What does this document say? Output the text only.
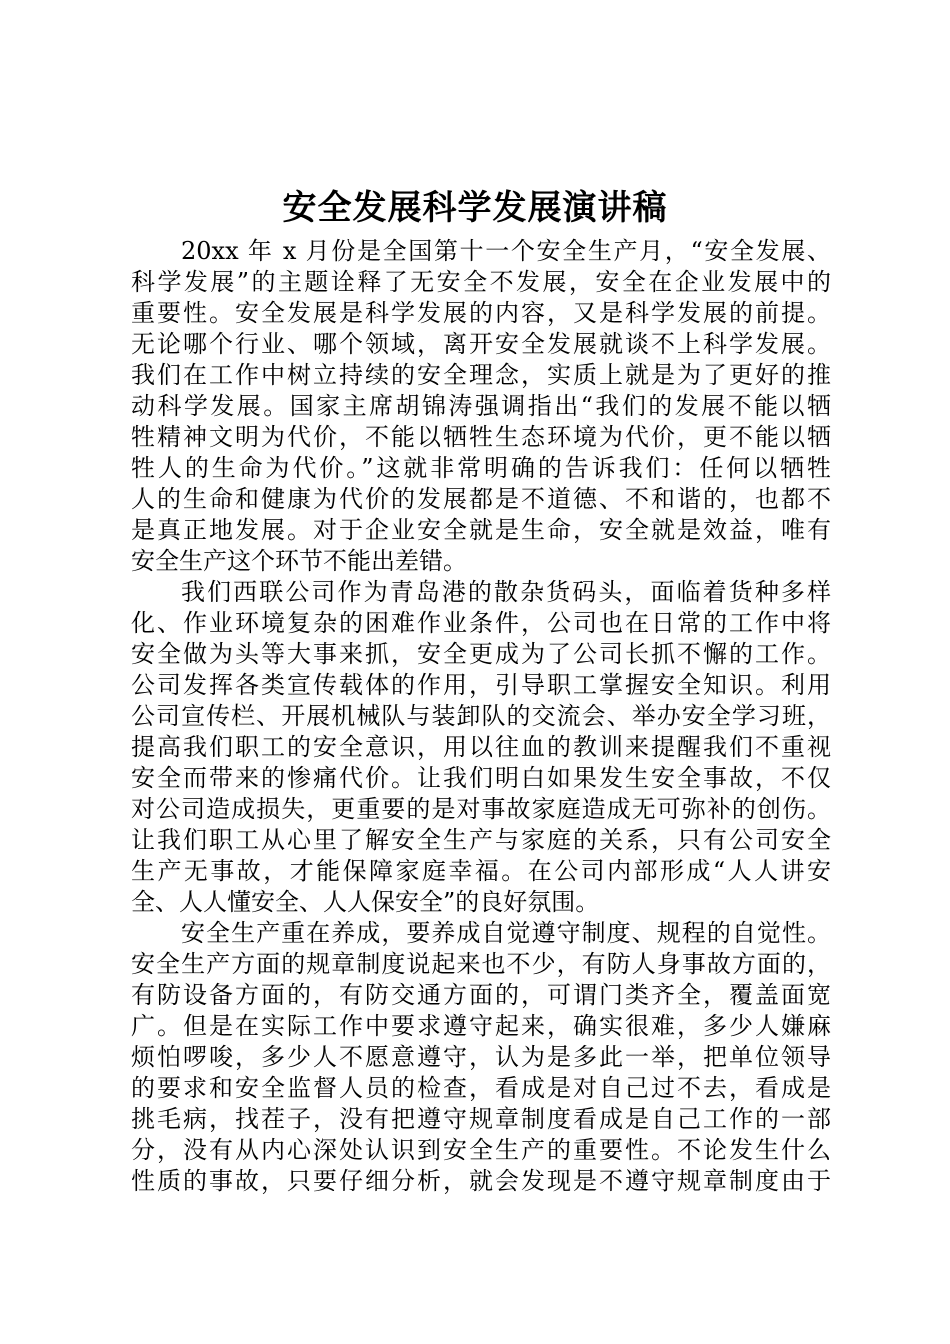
安全发展科学发展演讲稿
20xx 年 x 月份是全国第十一个安全生产月，“安全发展、
科学发展”的主题诠释了无安全不发展，安全在企业发展中的
重要性。安全发展是科学发展的内容，又是科学发展的前提。
无论哪个行业、哪个领域，离开安全发展就谈不上科学发展。
我们在工作中树立持续的安全理念，实质上就是为了更好的推
动科学发展。国家主席胡锦涛强调指出“我们的发展不能以牺
牲精神文明为代价，不能以牺牲生态环境为代价，更不能以牺
牲人的生命为代价。”这就非常明确的告诉我们：任何以牺牲
人的生命和健康为代价的发展都是不道德、不和谐的，也都不
是真正地发展。对于企业安全就是生命，安全就是效益，唯有
安全生产这个环节不能出差错。
我们西联公司作为青岛港的散杂货码头，面临着货种多样
化、作业环境复杂的困难作业条件，公司也在日常的工作中将
安全做为头等大事来抓，安全更成为了公司长抓不懈的工作。
公司发挥各类宣传载体的作用，引导职工掌握安全知识。利用
公司宣传栏、开展机械队与装卸队的交流会、举办安全学习班，
提高我们职工的安全意识，用以往血的教训来提醒我们不重视
安全而带来的惨痛代价。让我们明白如果发生安全事故，不仅
对公司造成损失，更重要的是对事故家庭造成无可弥补的创伤。
让我们职工从心里了解安全生产与家庭的关系，只有公司安全
生产无事故，才能保障家庭幸福。在公司内部形成“人人讲安
全、人人懂安全、人人保安全”的良好氛围。
安全生产重在养成，要养成自觉遵守制度、规程的自觉性。
安全生产方面的规章制度说起来也不少，有防人身事故方面的，
有防设备方面的，有防交通方面的，可谓门类齐全，覆盖面宽
广。但是在实际工作中要求遵守起来，确实很难，多少人嫌麻
烦怕啰唆，多少人不愿意遵守，认为是多此一举，把单位领导
的要求和安全监督人员的检查，看成是对自己过不去，看成是
挑毛病，找茬子，没有把遵守规章制度看成是自己工作的一部
分，没有从内心深处认识到安全生产的重要性。不论发生什么
性质的事故，只要仔细分析，就会发现是不遵守规章制度由于
